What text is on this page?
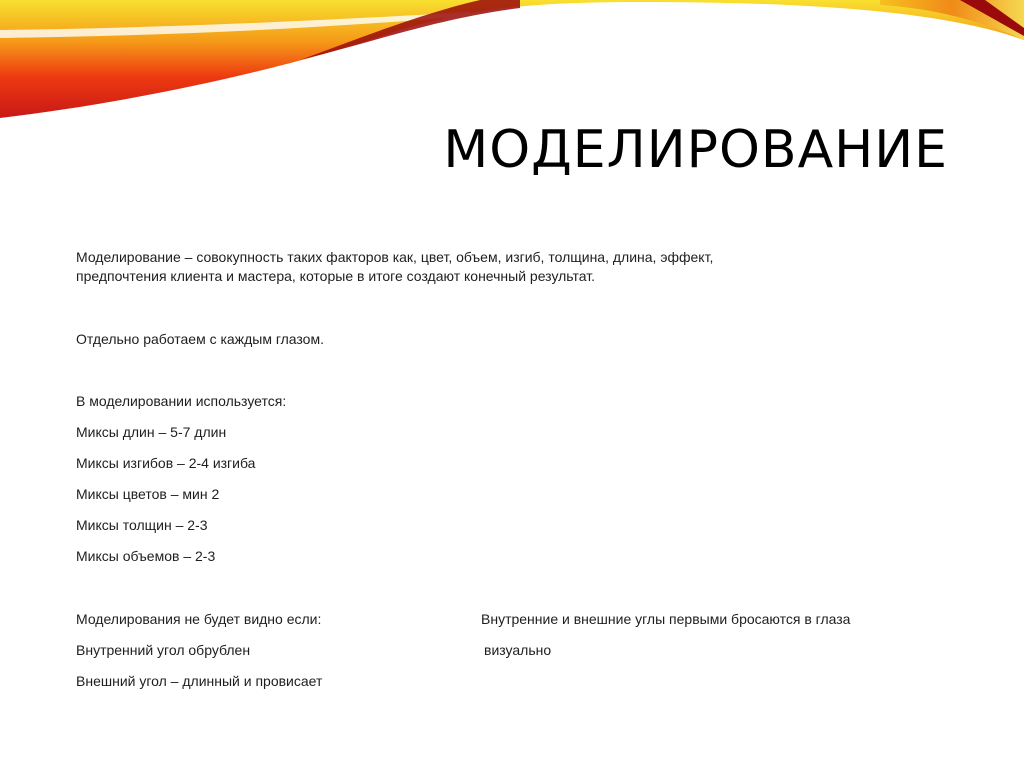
МОДЕЛИРОВАНИЕ
Моделирование – совокупность таких факторов как, цвет, объем, изгиб, толщина, длина, эффект,
предпочтения клиента и мастера, которые в итоге создают конечный результат.
Отдельно работаем с каждым глазом.
В моделировании используется:
Миксы длин – 5-7 длин
Миксы изгибов – 2-4 изгиба
Миксы цветов – мин 2
Миксы толщин – 2-3
Миксы объемов – 2-3
Моделирования не будет видно если:
Внутренний угол обрублен
Внешний угол – длинный и провисает
Внутренние и внешние углы первыми бросаются в глаза
визуально
